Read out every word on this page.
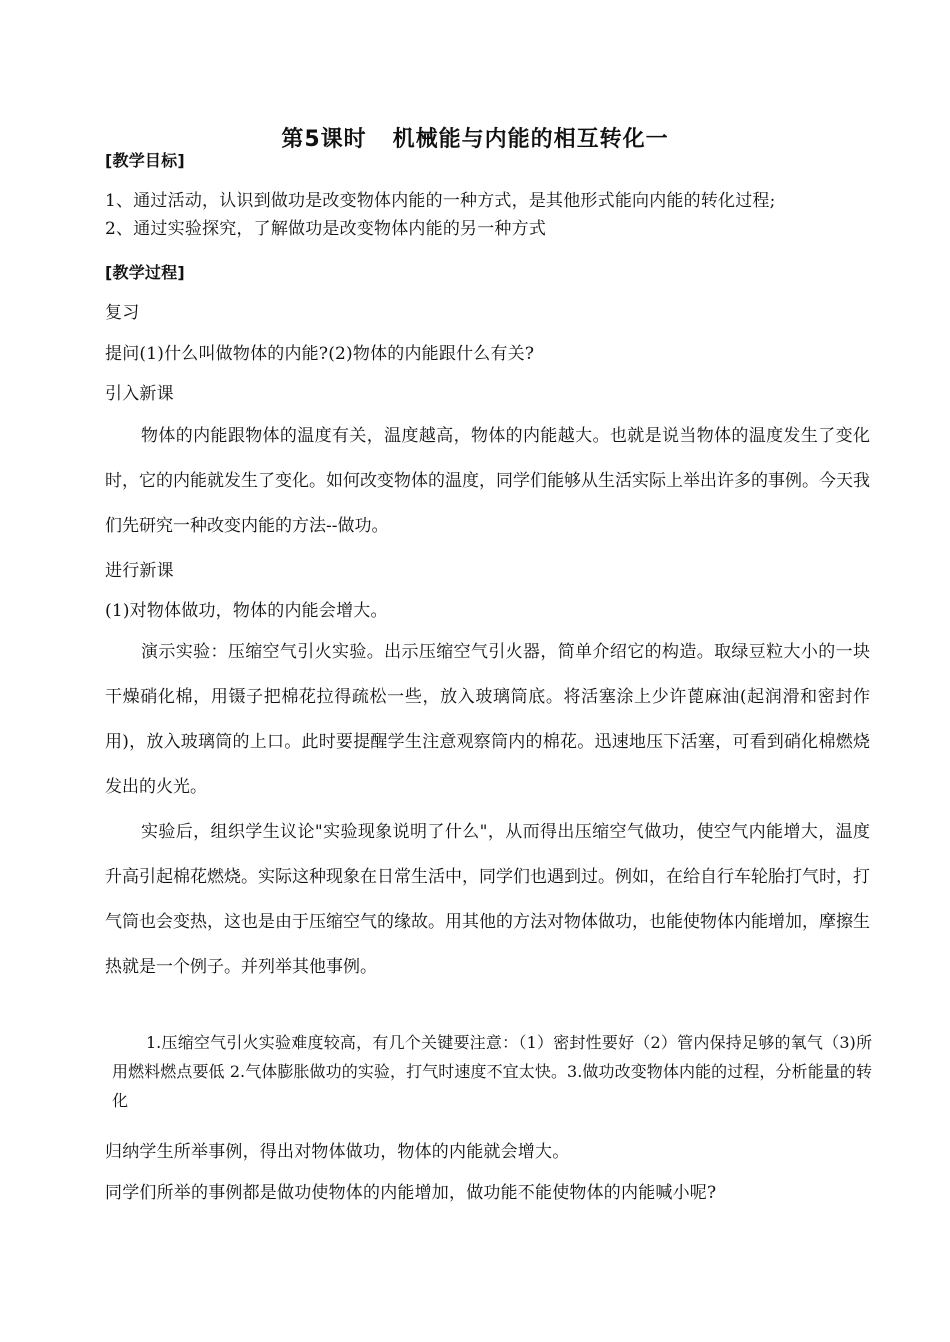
第5课时 机械能与内能的相互转化一
[教学目标]
1、通过活动，认识到做功是改变物体内能的一种方式，是其他形式能向内能的转化过程;
2、通过实验探究，了解做功是改变物体内能的另一种方式
[教学过程]
复习
提问(1)什么叫做物体的内能?(2)物体的内能跟什么有关?
引入新课
物体的内能跟物体的温度有关，温度越高，物体的内能越大。也就是说当物体的温度发生了变化时，它的内能就发生了变化。如何改变物体的温度，同学们能够从生活实际上举出许多的事例。今天我们先研究一种改变内能的方法--做功。
进行新课
(1)对物体做功，物体的内能会增大。
演示实验：压缩空气引火实验。出示压缩空气引火器，简单介绍它的构造。取绿豆粒大小的一块干燥硝化棉，用镊子把棉花拉得疏松一些，放入玻璃筒底。将活塞涂上少许蓖麻油(起润滑和密封作用)，放入玻璃筒的上口。此时要提醒学生注意观察筒内的棉花。迅速地压下活塞，可看到硝化棉燃烧发出的火光。
实验后，组织学生议论"实验现象说明了什么"，从而得出压缩空气做功，使空气内能增大，温度升高引起棉花燃烧。实际这种现象在日常生活中，同学们也遇到过。例如，在给自行车轮胎打气时，打气筒也会变热，这也是由于压缩空气的缘故。用其他的方法对物体做功，也能使物体内能增加，摩擦生热就是一个例子。并列举其他事例。
1.压缩空气引火实验难度较高，有几个关键要注意：（1）密封性要好（2）管内保持足够的氧气（3)所用燃料燃点要低 2.气体膨胀做功的实验，打气时速度不宜太快。3.做功改变物体内能的过程，分析能量的转化
归纳学生所举事例，得出对物体做功，物体的内能就会增大。
同学们所举的事例都是做功使物体的内能增加，做功能不能使物体的内能喊小呢?
